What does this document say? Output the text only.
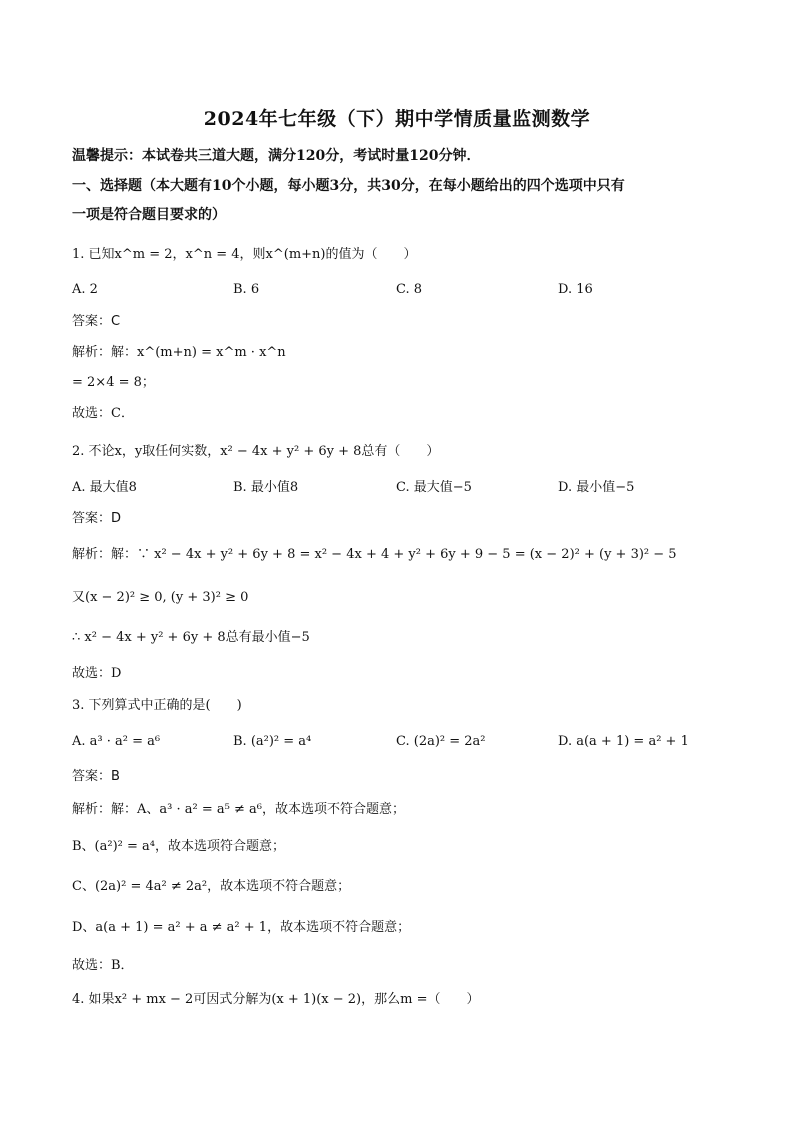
2024年七年级（下）期中学情质量监测数学
温馨提示：本试卷共三道大题，满分120分，考试时量120分钟．
一、选择题（本大题有10个小题，每小题3分，共30分，在每小题给出的四个选项中只有
一项是符合题目要求的）
1. 已知x^m = 2，x^n = 4，则x^(m+n)的值为（　　）
A. 2	B. 6	C. 8	D. 16
答案：C
解析：解：x^(m+n) = x^m · x^n
= 2×4 = 8；
故选：C．
2. 不论x，y取任何实数，x² − 4x + y² + 6y + 8总有（　　）
A. 最大值8	B. 最小值8	C. 最大值−5	D. 最小值−5
答案：D
解析：解：∵ x² − 4x + y² + 6y + 8 = x² − 4x + 4 + y² + 6y + 9 − 5 = (x − 2)² + (y + 3)² − 5
又(x − 2)² ≥ 0, (y + 3)² ≥ 0
∴ x² − 4x + y² + 6y + 8总有最小值−5
故选：D
3. 下列算式中正确的是(　　)
A. a³ · a² = a⁶	B. (a²)² = a⁴	C. (2a)² = 2a²	D. a(a + 1) = a² + 1
答案：B
解析：解：A、a³ · a² = a⁵ ≠ a⁶，故本选项不符合题意；
B、(a²)² = a⁴，故本选项符合题意；
C、(2a)² = 4a² ≠ 2a²，故本选项不符合题意；
D、a(a + 1) = a² + a ≠ a² + 1，故本选项不符合题意；
故选：B．
4. 如果x² + mx − 2可因式分解为(x + 1)(x − 2)，那么m =（　　）
